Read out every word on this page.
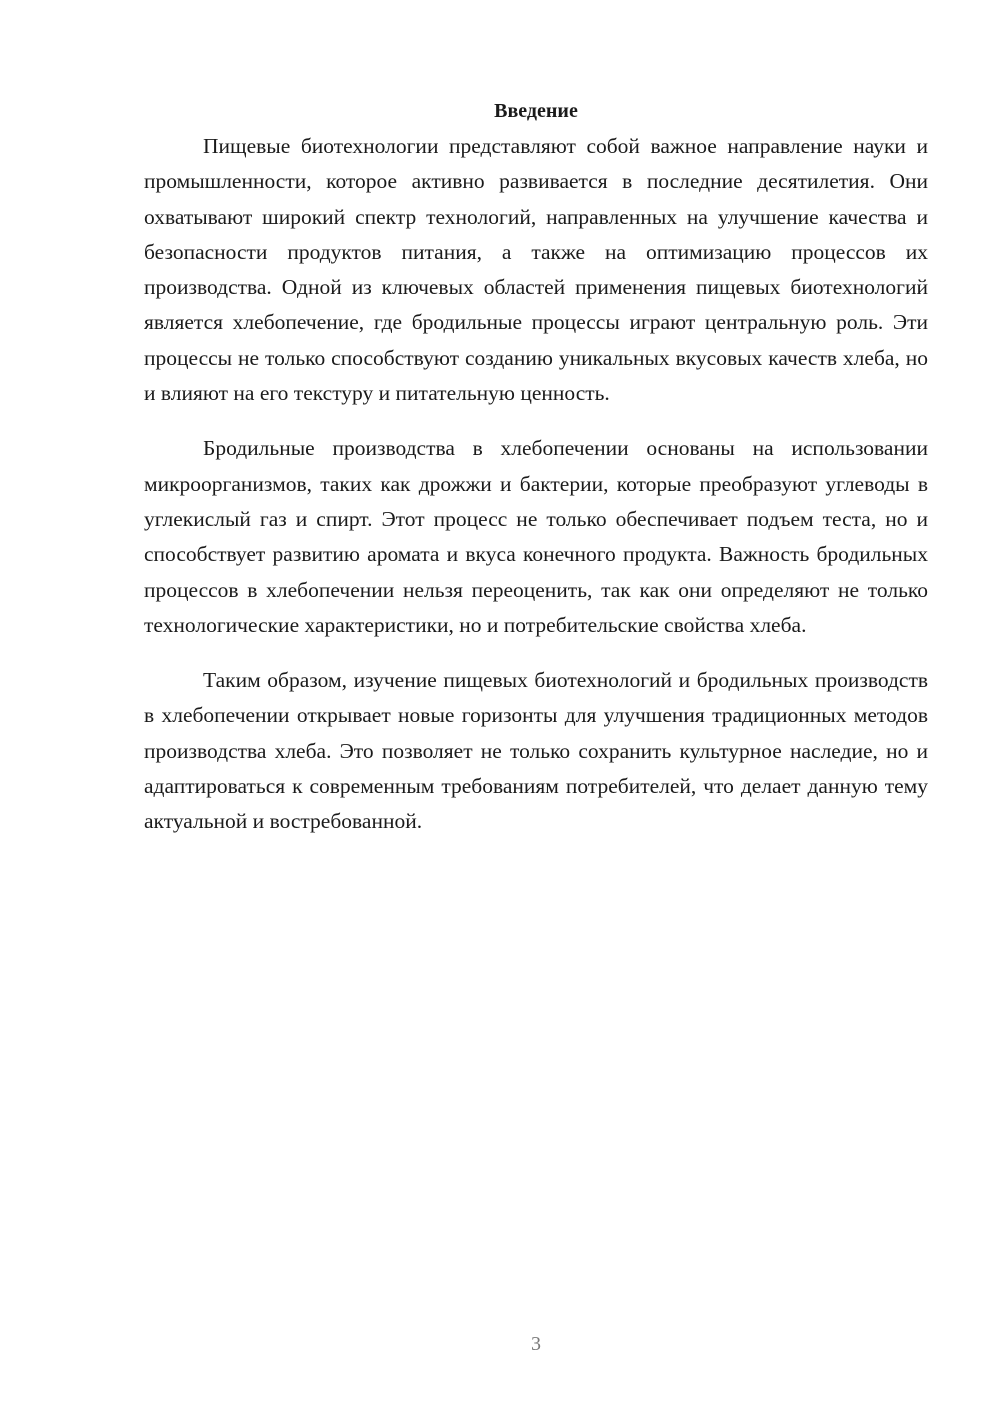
Введение

Пищевые биотехнологии представляют собой важное направление науки и промышленности, которое активно развивается в последние десятилетия. Они охватывают широкий спектр технологий, направленных на улучшение качества и безопасности продуктов питания, а также на оптимизацию процессов их производства. Одной из ключевых областей применения пищевых биотехнологий является хлебопечение, где бродильные процессы играют центральную роль. Эти процессы не только способствуют созданию уникальных вкусовых качеств хлеба, но и влияют на его текстуру и питательную ценность.

Бродильные производства в хлебопечении основаны на использовании микроорганизмов, таких как дрожжи и бактерии, которые преобразуют углеводы в углекислый газ и спирт. Этот процесс не только обеспечивает подъем теста, но и способствует развитию аромата и вкуса конечного продукта. Важность бродильных процессов в хлебопечении нельзя переоценить, так как они определяют не только технологические характеристики, но и потребительские свойства хлеба.

Таким образом, изучение пищевых биотехнологий и бродильных производств в хлебопечении открывает новые горизонты для улучшения традиционных методов производства хлеба. Это позволяет не только сохранить культурное наследие, но и адаптироваться к современным требованиям потребителей, что делает данную тему актуальной и востребованной.

3
